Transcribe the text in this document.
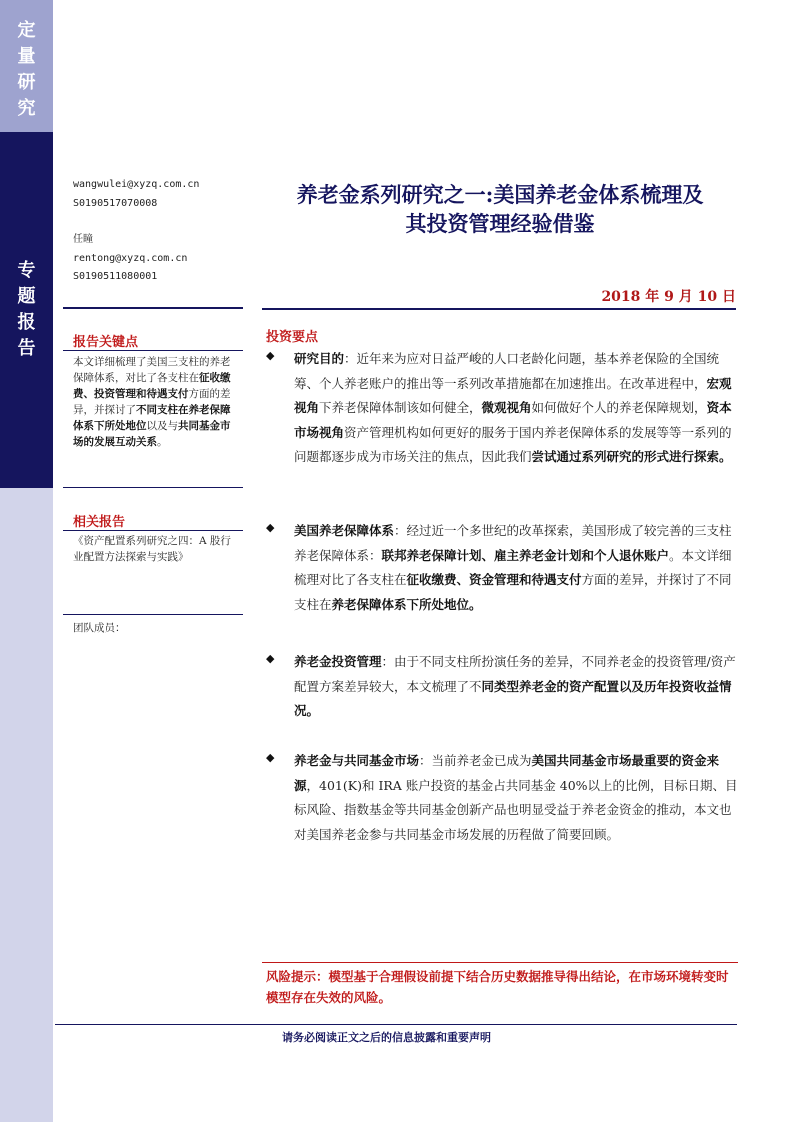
定
量
研
究
专
题
报
告
wangwulei@xyzq.com.cn
S0190517070008
任瞳
rentong@xyzq.com.cn
S0190511080001
养老金系列研究之一:美国养老金体系梳理及
其投资管理经验借鉴
2018 年 9 月 10 日
报告关键点
本文详细梳理了美国三支柱的养老保障体系，对比了各支柱在征收缴费、投资管理和待遇支付方面的差异，并探讨了不同支柱在养老保障体系下所处地位以及与共同基金市场的发展互动关系。
相关报告
《资产配置系列研究之四：A 股行业配置方法探索与实践》
团队成员：
投资要点
◆ 研究目的：近年来为应对日益严峻的人口老龄化问题，基本养老保险的全国统筹、个人养老账户的推出等一系列改革措施都在加速推出。在改革进程中，宏观视角下养老保障体制该如何健全，微观视角如何做好个人的养老保障规划，资本市场视角资产管理机构如何更好的服务于国内养老保障体系的发展等等一系列的问题都逐步成为市场关注的焦点，因此我们尝试通过系列研究的形式进行探索。
◆ 美国养老保障体系：经过近一个多世纪的改革探索，美国形成了较完善的三支柱养老保障体系：联邦养老保障计划、雇主养老金计划和个人退休账户。本文详细梳理对比了各支柱在征收缴费、资金管理和待遇支付方面的差异，并探讨了不同支柱在养老保障体系下所处地位。
◆ 养老金投资管理：由于不同支柱所扮演任务的差异，不同养老金的投资管理/资产配置方案差异较大，本文梳理了不同类型养老金的资产配置以及历年投资收益情况。
◆ 养老金与共同基金市场：当前养老金已成为美国共同基金市场最重要的资金来源，401(K)和 IRA 账户投资的基金占共同基金 40%以上的比例，目标日期、目标风险、指数基金等共同基金创新产品也明显受益于养老金资金的推动，本文也对美国养老金参与共同基金市场发展的历程做了简要回顾。
风险提示：模型基于合理假设前提下结合历史数据推导得出结论，在市场环境转变时模型存在失效的风险。
请务必阅读正文之后的信息披露和重要声明
